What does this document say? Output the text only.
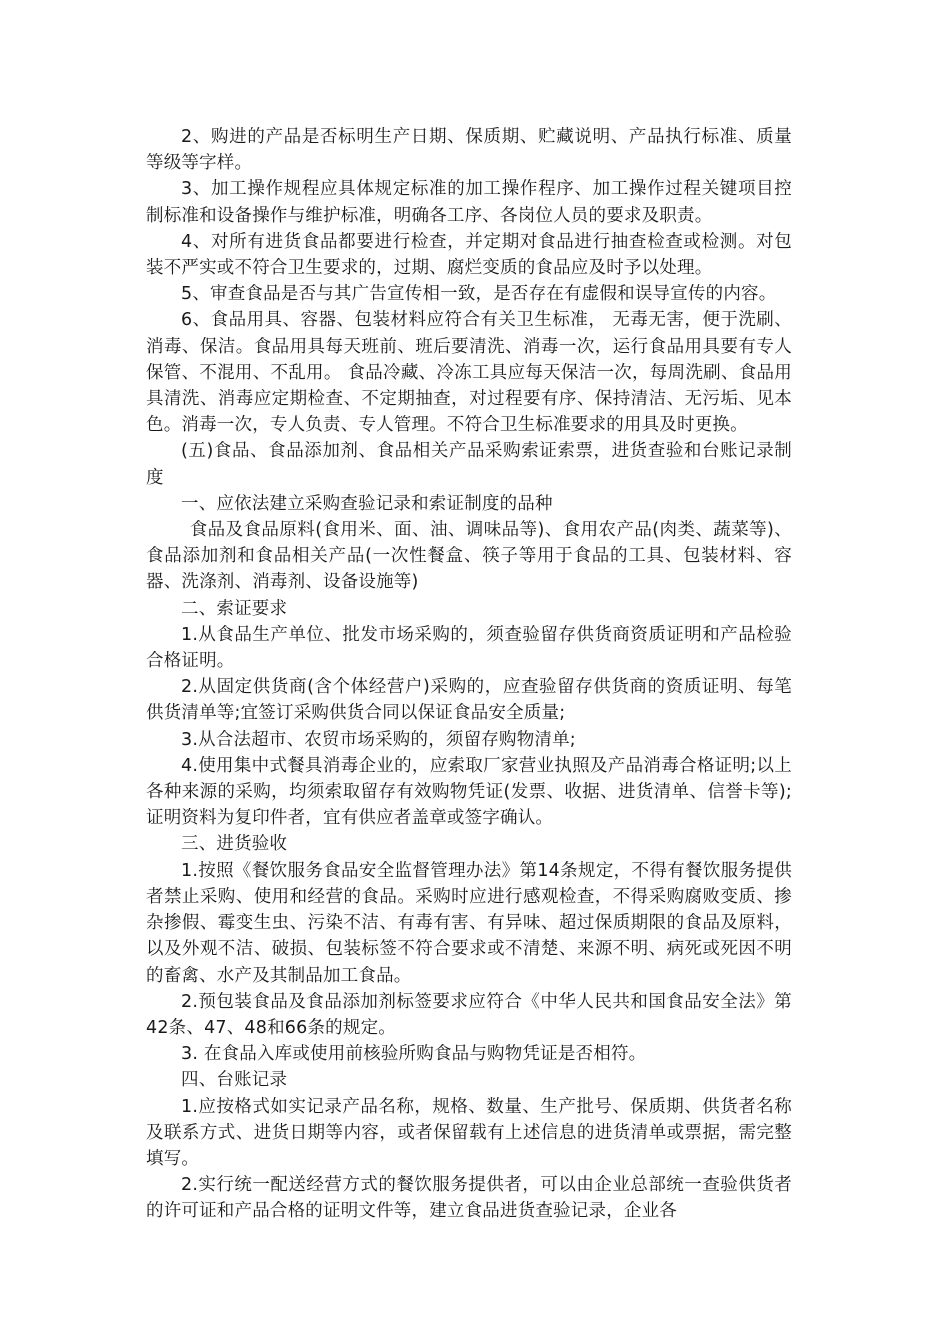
2、购进的产品是否标明生产日期、保质期、贮藏说明、产品执行标准、质量等级等字样。

3、加工操作规程应具体规定标准的加工操作程序、加工操作过程关键项目控制标准和设备操作与维护标准，明确各工序、各岗位人员的要求及职责。

4、对所有进货食品都要进行检查，并定期对食品进行抽查检查或检测。对包装不严实或不符合卫生要求的，过期、腐烂变质的食品应及时予以处理。

5、审查食品是否与其广告宣传相一致，是否存在有虚假和误导宣传的内容。

6、食品用具、容器、包装材料应符合有关卫生标准， 无毒无害，便于洗刷、消毒、保洁。食品用具每天班前、班后要清洗、消毒一次，运行食品用具要有专人保管、不混用、不乱用。 食品冷藏、冷冻工具应每天保洁一次，每周洗刷、食品用具清洗、消毒应定期检查、不定期抽查，对过程要有序、保持清洁、无污垢、见本色。消毒一次，专人负责、专人管理。不符合卫生标准要求的用具及时更换。

(五)食品、食品添加剂、食品相关产品采购索证索票，进货查验和台账记录制度

一、应依法建立采购查验记录和索证制度的品种

食品及食品原料(食用米、面、油、调味品等)、食用农产品(肉类、蔬菜等)、食品添加剂和食品相关产品(一次性餐盒、筷子等用于食品的工具、包装材料、容器、洗涤剂、消毒剂、设备设施等)

二、索证要求

1.从食品生产单位、批发市场采购的，须查验留存供货商资质证明和产品检验合格证明。

2.从固定供货商(含个体经营户)采购的，应查验留存供货商的资质证明、每笔供货清单等;宜签订采购供货合同以保证食品安全质量;

3.从合法超市、农贸市场采购的，须留存购物清单;

4.使用集中式餐具消毒企业的，应索取厂家营业执照及产品消毒合格证明;以上各种来源的采购，均须索取留存有效购物凭证(发票、收据、进货清单、信誉卡等);证明资料为复印件者，宜有供应者盖章或签字确认。

三、进货验收

1.按照《餐饮服务食品安全监督管理办法》第14条规定，不得有餐饮服务提供者禁止采购、使用和经营的食品。采购时应进行感观检查，不得采购腐败变质、掺杂掺假、霉变生虫、污染不洁、有毒有害、有异味、超过保质期限的食品及原料，以及外观不洁、破损、包装标签不符合要求或不清楚、来源不明、病死或死因不明的畜禽、水产及其制品加工食品。

2.预包装食品及食品添加剂标签要求应符合《中华人民共和国食品安全法》第42条、47、48和66条的规定。

3. 在食品入库或使用前核验所购食品与购物凭证是否相符。

四、台账记录

1.应按格式如实记录产品名称，规格、数量、生产批号、保质期、供货者名称及联系方式、进货日期等内容，或者保留载有上述信息的进货清单或票据，需完整填写。

2.实行统一配送经营方式的餐饮服务提供者，可以由企业总部统一查验供货者的许可证和产品合格的证明文件等，建立食品进货查验记录，企业各
